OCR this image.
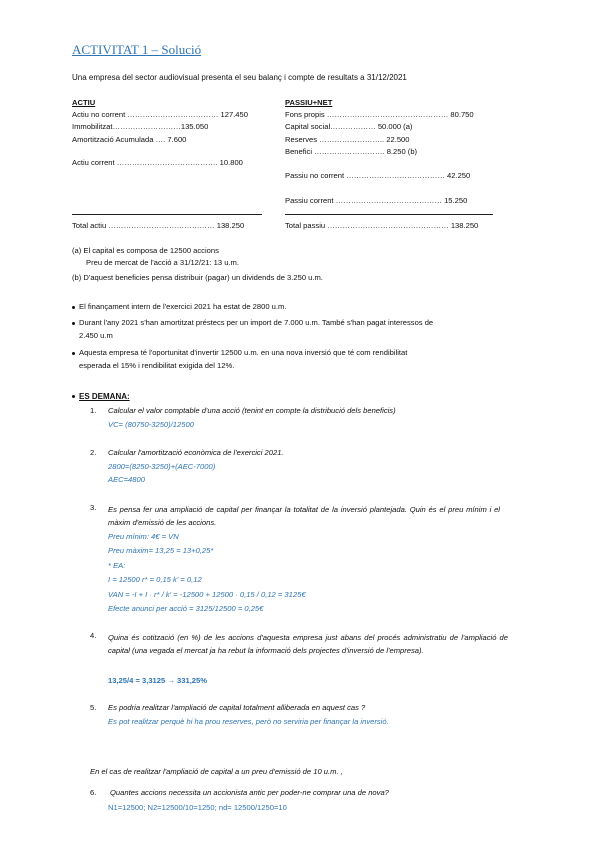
ACTIVITAT 1 – Solució
Una empresa del sector audiovisual presenta el seu balanç i compte de resultats a 31/12/2021
ACTIU
Actiu no corrent ……………………………… 127.450
Immobilitzat………………………135.050
Amortització Acumulada …. 7.600
Actiu corrent …………………………………. 10.800
PASSIU+NET
Fons propis ………………………………………… 80.750
Capital social……………… 50.000 (a)
Reserves …………………….. 22.500
Benefici ………………………. 8.250 (b)
Passiu no corrent ………………………………… 42.250
Passiu corrent …………………………………… 15.250
Total actiu …………………………………… 138.250	Total passiu ………………………………………… 138.250
(a) El capital es composa de 12500 accions
Preu de mercat de l'acció a 31/12/21: 13 u.m.
(b) D'aquest beneficies pensa distribuir (pagar) un dividends de 3.250 u.m.
El finançament intern de l'exercici 2021 ha estat de 2800 u.m.
Durant l'any 2021 s'han amortitzat préstecs per un import de 7.000 u.m. També s'han pagat interessos de
2.450 u.m
Aquesta empresa té l'oportunitat d'invertir 12500 u.m. en una nova inversió que té com rendibilitat
esperada el 15% i rendibilitat exigida del 12%.
ES DEMANA:
1. Calcular el valor comptable d'una acció (tenint en compte la distribució dels beneficis)
VC= (80750-3250)/12500
2. Calcular l'amortització econòmica de l'exercici 2021.
2800=(8250-3250)+(AEC-7000)
AEC=4800
3. Es pensa fer una ampliació de capital per finançar la totalitat de la inversió plantejada. Quin és el preu mínim i el màxim d'emissió de les accions.
Preu mínim: 4€ = VN
Preu màxim= 13,25 = 13+0,25*
* EA:
I = 12500 r* = 0,15 k' = 0,12
VAN = -I + I · r* / k' = -12500 + 12500 · 0,15 / 0,12 = 3125€
Efecte anunci per acció = 3125/12500 = 0,25€
4. Quina és cotització (en %) de les accions d'aquesta empresa just abans del procés administratiu de l'ampliació de capital (una vegada el mercat ja ha rebut la informació dels projectes d'inversió de l'empresa).
13,25/4 = 3,3125 → 331,25%
5. Es podria realitzar l'ampliació de capital totalment alliberada en aquest cas ?
Es pot realitzar perquè hi ha prou reserves, però no serviria per finançar la inversió.
En el cas de realitzar l'ampliació de capital a un preu d'emissió de 10 u.m. ,
6. Quantes accions necessita un accionista antic per poder-ne comprar una de nova?
N1=12500; N2=12500/10=1250; nd= 12500/1250=10
